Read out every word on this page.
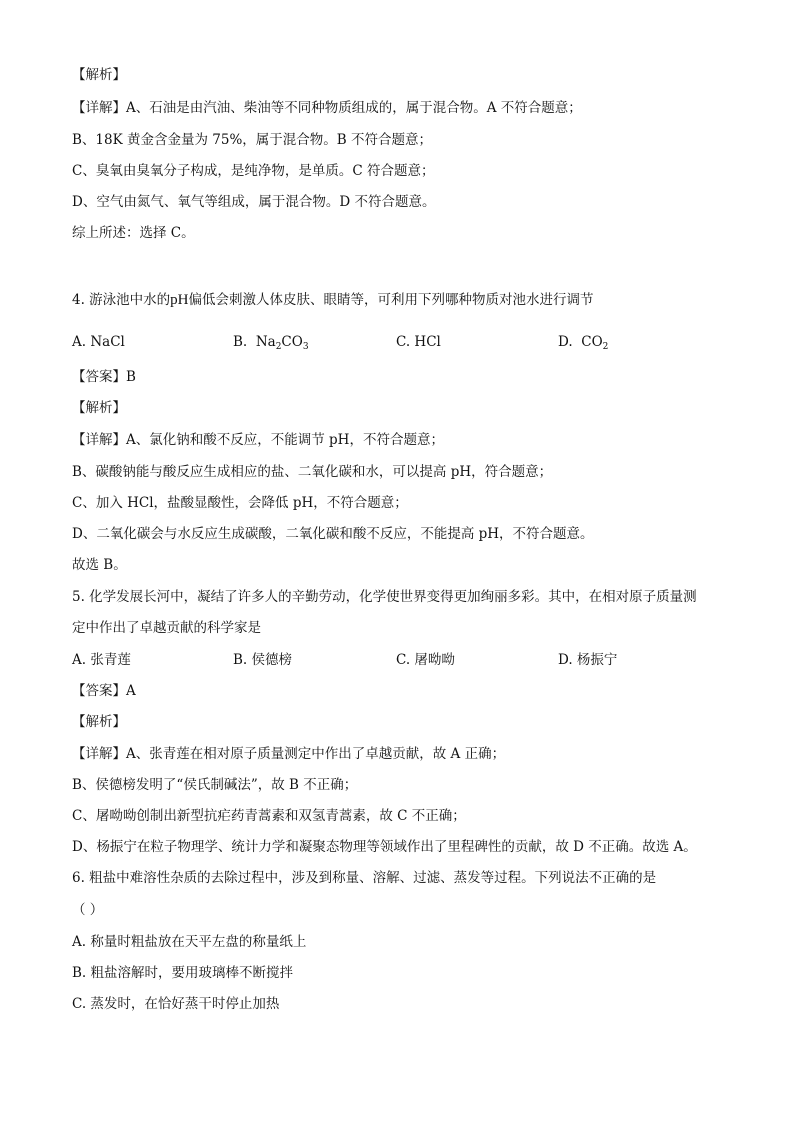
【解析】
【详解】A、石油是由汽油、柴油等不同种物质组成的，属于混合物。A 不符合题意；
B、18K 黄金含金量为 75%，属于混合物。B 不符合题意；
C、臭氧由臭氧分子构成，是纯净物，是单质。C 符合题意；
D、空气由氮气、氧气等组成，属于混合物。D 不符合题意。
综上所述：选择 C。
4. 游泳池中水的pH偏低会刺激人体皮肤、眼睛等，可利用下列哪种物质对池水进行调节
A. NaCl	B. $Na_2CO_3$	C. HCl	D. $CO_2$
【答案】B
【解析】
【详解】A、氯化钠和酸不反应，不能调节 pH，不符合题意；
B、碳酸钠能与酸反应生成相应的盐、二氧化碳和水，可以提高 pH，符合题意；
C、加入 HCl，盐酸显酸性，会降低 pH，不符合题意；
D、二氧化碳会与水反应生成碳酸，二氧化碳和酸不反应，不能提高 pH，不符合题意。
故选 B。
5. 化学发展长河中，凝结了许多人的辛勤劳动，化学使世界变得更加绚丽多彩。其中，在相对原子质量测
定中作出了卓越贡献的科学家是
A. 张青莲	B. 侯德榜	C. 屠呦呦	D. 杨振宁
【答案】A
【解析】
【详解】A、张青莲在相对原子质量测定中作出了卓越贡献，故 A 正确；
B、侯德榜发明了“侯氏制碱法”，故 B 不正确；
C、屠呦呦创制出新型抗疟药青蒿素和双氢青蒿素，故 C 不正确；
D、杨振宁在粒子物理学、统计力学和凝聚态物理等领域作出了里程碑性的贡献，故 D 不正确。故选 A。
6. 粗盐中难溶性杂质的去除过程中，涉及到称量、溶解、过滤、蒸发等过程。下列说法不正确的是
（ ）
A. 称量时粗盐放在天平左盘的称量纸上
B. 粗盐溶解时，要用玻璃棒不断搅拌
C. 蒸发时，在恰好蒸干时停止加热
